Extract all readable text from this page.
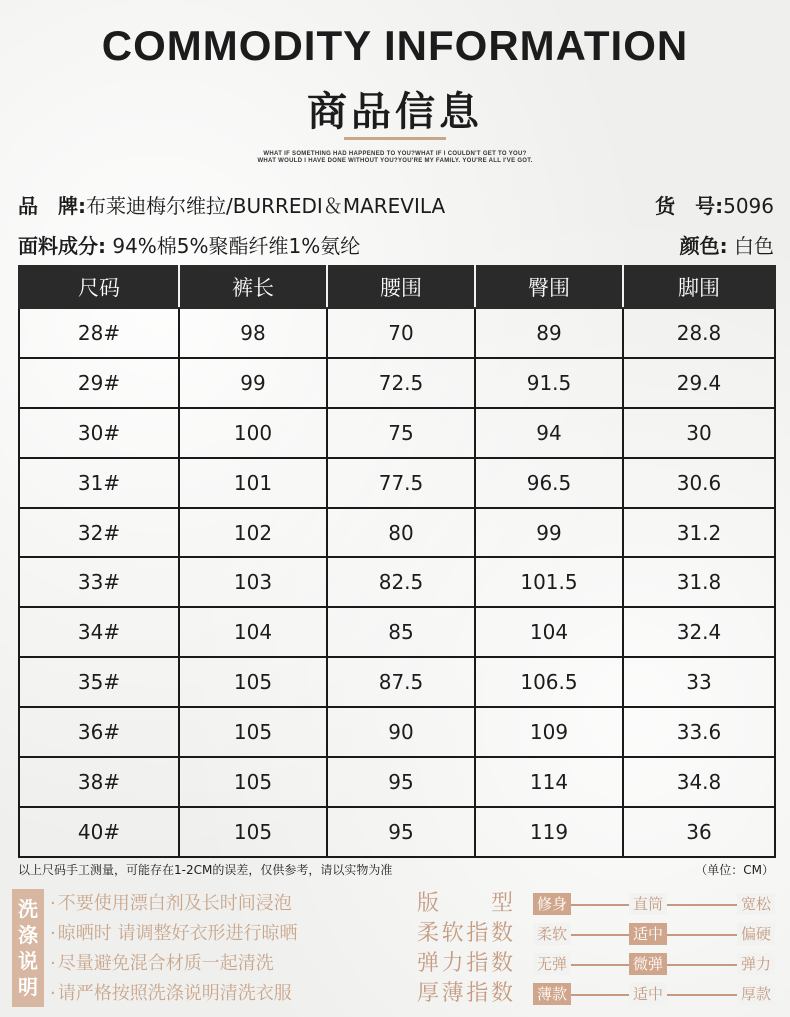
COMMODITY INFORMATION
商品信息
WHAT IF SOMETHING HAD HAPPENED TO YOU?WHAT IF I COULDN'T GET TO YOU?
WHAT WOULD I HAVE DONE WITHOUT YOU?YOU'RE MY FAMILY. YOU'RE ALL I'VE GOT.
品　牌:布莱迪梅尔维拉/BURREDI＆MAREVILA	货　号:5096
面料成分: 94%棉5%聚酯纤维1%氨纶	颜色: 白色
尺码	裤长	腰围	臀围	脚围
28#	98	70	89	28.8
29#	99	72.5	91.5	29.4
30#	100	75	94	30
31#	101	77.5	96.5	30.6
32#	102	80	99	31.2
33#	103	82.5	101.5	31.8
34#	104	85	104	32.4
35#	105	87.5	106.5	33
36#	105	90	109	33.6
38#	105	95	114	34.8
40#	105	95	119	36
以上尺码手工测量，可能存在1-2CM的误差，仅供参考，请以实物为准	（单位：CM）
洗
涤
说
明
· 不要使用漂白剂及长时间浸泡
· 晾晒时 请调整好衣形进行晾晒
· 尽量避免混合材质一起清洗
· 请严格按照洗涤说明清洗衣服
版型 修身	直筒	宽松
柔软指数 柔软	适中	偏硬
弹力指数 无弹	微弹	弹力
厚薄指数 薄款	适中	厚款
